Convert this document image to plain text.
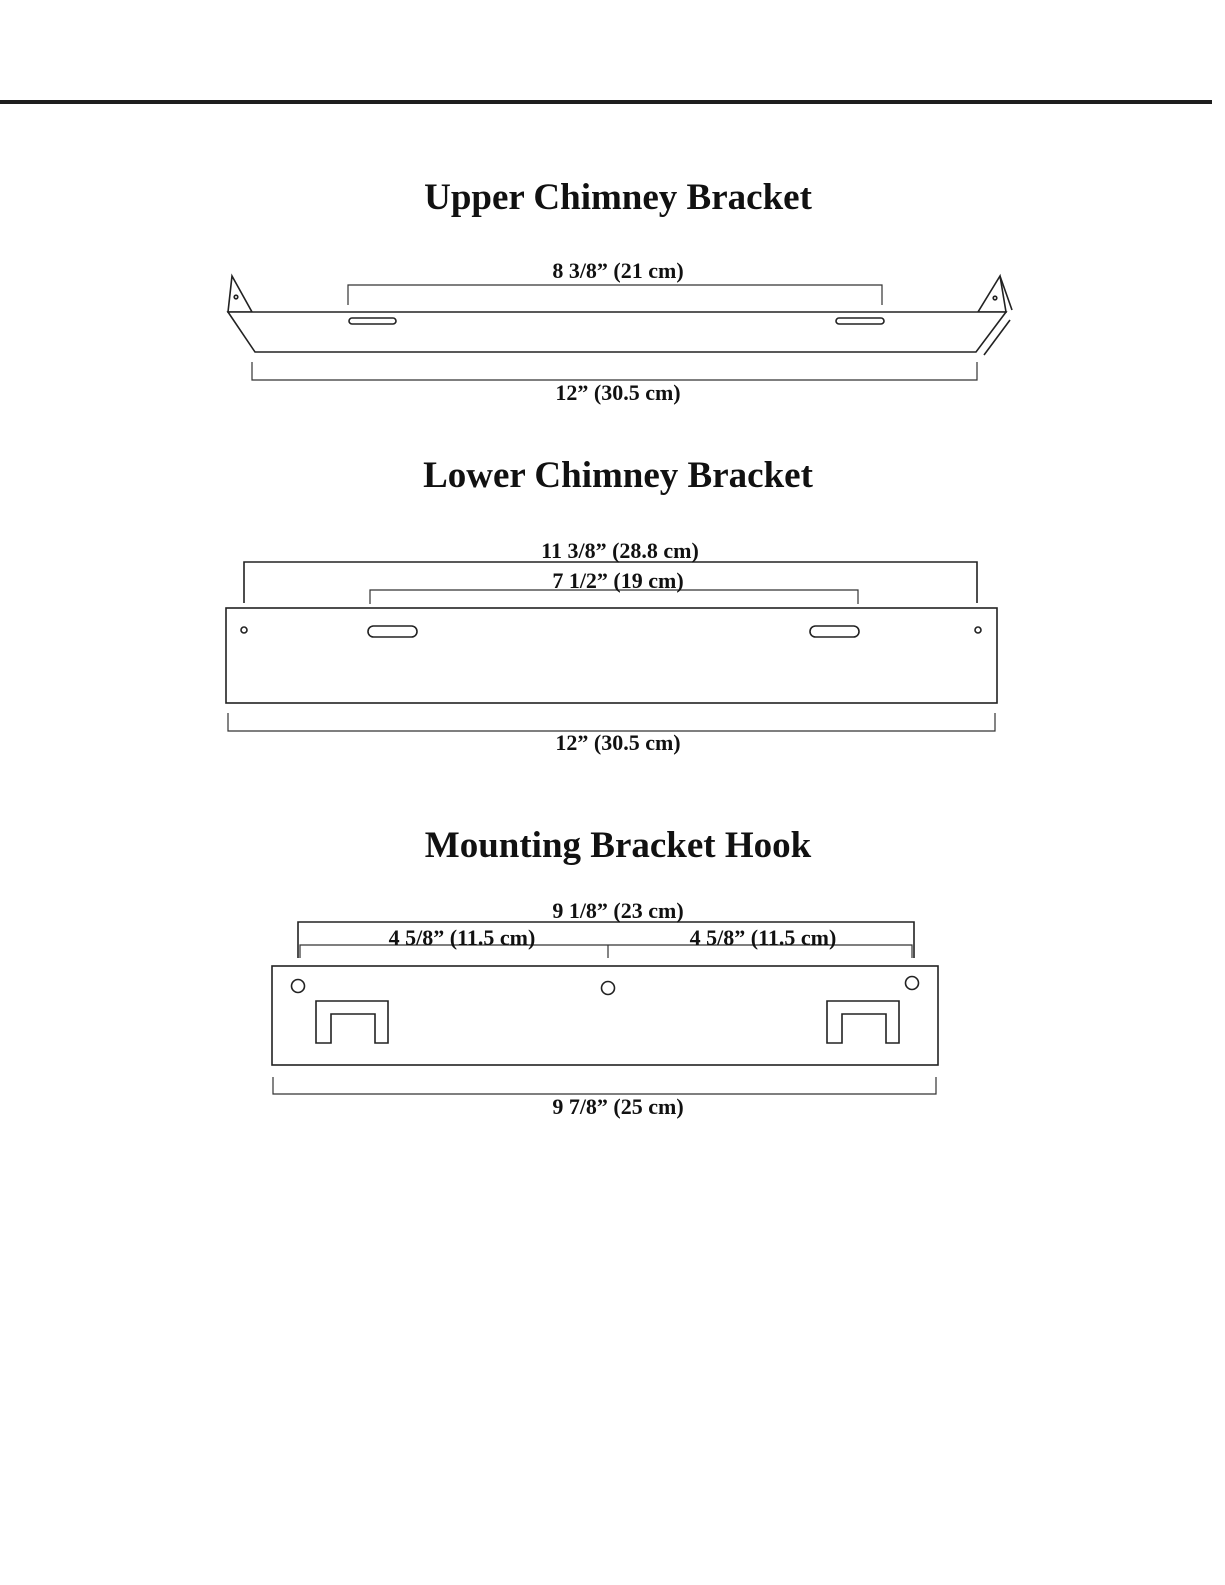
Upper Chimney Bracket
8 3/8” (21 cm)
12” (30.5 cm)
Lower Chimney Bracket
11 3/8” (28.8 cm)
7 1/2” (19 cm)
12” (30.5 cm)
Mounting Bracket Hook
9 1/8” (23 cm)
4 5/8” (11.5 cm)	4 5/8” (11.5 cm)
9 7/8” (25 cm)
